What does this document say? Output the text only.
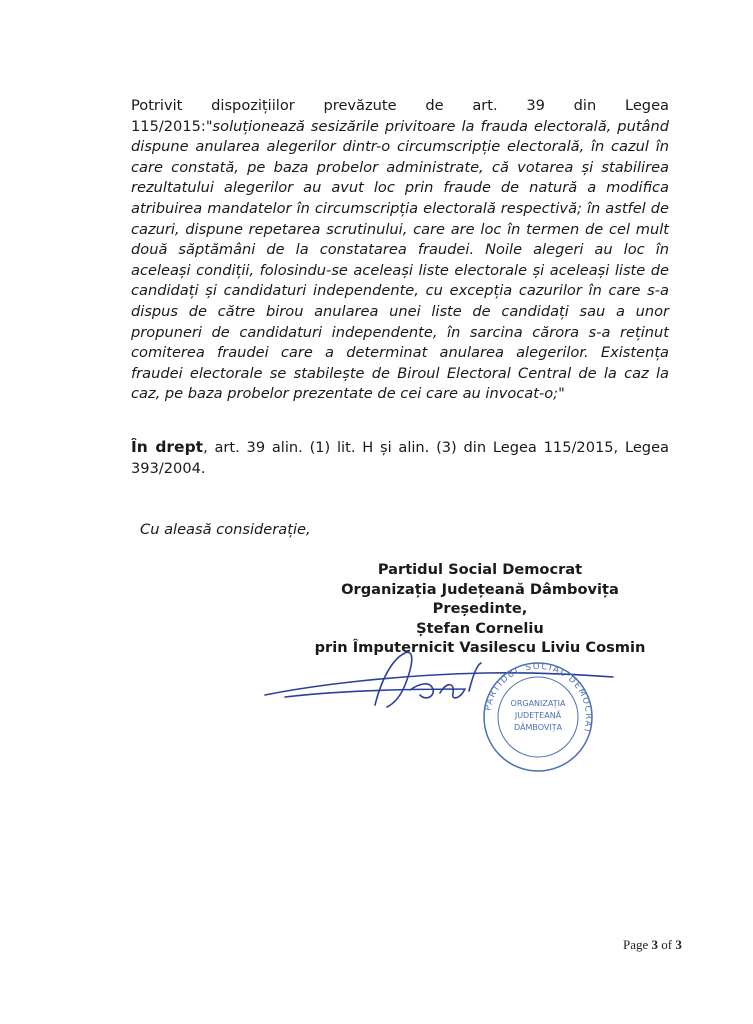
Potrivit dispozițiilor prevăzute de art. 39 din Legea 115/2015:"soluționează sesizările privitoare la frauda electorală, putând dispune anularea alegerilor dintr-o circumscripție electorală, în cazul în care constată, pe baza probelor administrate, că votarea și stabilirea rezultatului alegerilor au avut loc prin fraude de natură a modifica atribuirea mandatelor în circumscripția electorală respectivă; în astfel de cazuri, dispune repetarea scrutinului, care are loc în termen de cel mult două săptămâni de la constatarea fraudei. Noile alegeri au loc în aceleași condiții, folosindu-se aceleași liste electorale și aceleași liste de candidați și candidaturi independente, cu excepția cazurilor în care s-a dispus de către birou anularea unei liste de candidați sau a unor propuneri de candidaturi independente, în sarcina cărora s-a reținut comiterea fraudei care a determinat anularea alegerilor. Existența fraudei electorale se stabilește de Biroul Electoral Central de la caz la caz, pe baza probelor prezentate de cei care au invocat-o;"

În drept, art. 39 alin. (1) lit. H și alin. (3) din Legea 115/2015, Legea 393/2004.

Cu aleasă considerație,

Partidul Social Democrat
Organizația Județeană Dâmbovița
Președinte,
Ștefan Corneliu
prin Împuternicit Vasilescu Liviu Cosmin
PARTIDUL SOCIAL DEMOCRAT
ORGANIZAȚIA
JUDEȚEANĂ
DÂMBOVIȚA
Page 3 of 3
